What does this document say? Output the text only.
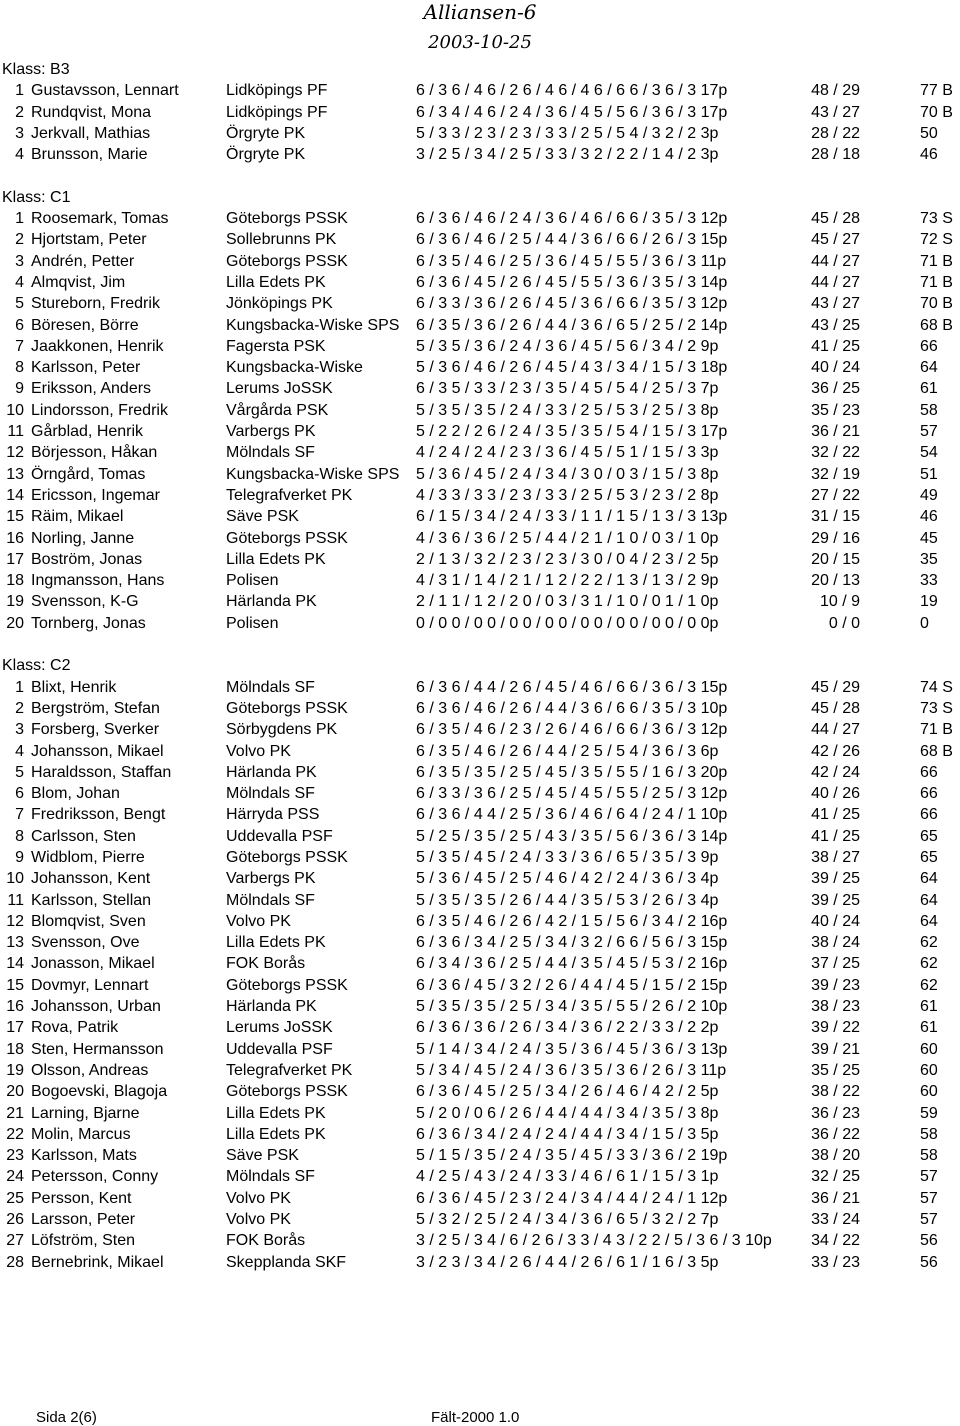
Alliansen-6
2003-10-25
Klass: B3
1 Gustavsson, Lennart	Lidköpings PF	6 / 3 6 / 4 6 / 2 6 / 4 6 / 4 6 / 6 6 / 3 6 / 3 17p	48 / 29	77 B
2 Rundqvist, Mona	Lidköpings PF	6 / 3 4 / 4 6 / 2 4 / 3 6 / 4 5 / 5 6 / 3 6 / 3 17p	43 / 27	70 B
3 Jerkvall, Mathias	Örgryte PK	5 / 3 3 / 2 3 / 2 3 / 3 3 / 2 5 / 5 4 / 3 2 / 2 3p	28 / 22	50
4 Brunsson, Marie	Örgryte PK	3 / 2 5 / 3 4 / 2 5 / 3 3 / 3 2 / 2 2 / 1 4 / 2 3p	28 / 18	46
Klass: C1
1 Roosemark, Tomas	Göteborgs PSSK	6 / 3 6 / 4 6 / 2 4 / 3 6 / 4 6 / 6 6 / 3 5 / 3 12p	45 / 28	73 S
2 Hjortstam, Peter	Sollebrunns PK	6 / 3 6 / 4 6 / 2 5 / 4 4 / 3 6 / 6 6 / 2 6 / 3 15p	45 / 27	72 S
3 Andrén, Petter	Göteborgs PSSK	6 / 3 5 / 4 6 / 2 5 / 3 6 / 4 5 / 5 5 / 3 6 / 3 11p	44 / 27	71 B
4 Almqvist, Jim	Lilla Edets PK	6 / 3 6 / 4 5 / 2 6 / 4 5 / 5 5 / 3 6 / 3 5 / 3 14p	44 / 27	71 B
5 Stureborn, Fredrik	Jönköpings PK	6 / 3 3 / 3 6 / 2 6 / 4 5 / 3 6 / 6 6 / 3 5 / 3 12p	43 / 27	70 B
6 Böresen, Börre	Kungsbacka-Wiske SPS 6 / 3 5 / 3 6 / 2 6 / 4 4 / 3 6 / 6 5 / 2 5 / 2 14p	43 / 25	68 B
7 Jaakkonen, Henrik	Fagersta PSK	5 / 3 5 / 3 6 / 2 4 / 3 6 / 4 5 / 5 6 / 3 4 / 2 9p	41 / 25	66
8 Karlsson, Peter	Kungsbacka-Wiske	5 / 3 6 / 4 6 / 2 6 / 4 5 / 4 3 / 3 4 / 1 5 / 3 18p	40 / 24	64
9 Eriksson, Anders	Lerums JoSSK	6 / 3 5 / 3 3 / 2 3 / 3 5 / 4 5 / 5 4 / 2 5 / 3 7p	36 / 25	61
10 Lindorsson, Fredrik	Vårgårda PSK	5 / 3 5 / 3 5 / 2 4 / 3 3 / 2 5 / 5 3 / 2 5 / 3 8p	35 / 23	58
11 Gårblad, Henrik	Varbergs PK	5 / 2 2 / 2 6 / 2 4 / 3 5 / 3 5 / 5 4 / 1 5 / 3 17p	36 / 21	57
12 Börjesson, Håkan	Mölndals SF	4 / 2 4 / 2 4 / 2 3 / 3 6 / 4 5 / 5 1 / 1 5 / 3 3p	32 / 22	54
13 Örngård, Tomas	Kungsbacka-Wiske SPS 5 / 3 6 / 4 5 / 2 4 / 3 4 / 3 0 / 0 3 / 1 5 / 3 8p	32 / 19	51
14 Ericsson, Ingemar	Telegrafverket PK	4 / 3 3 / 3 3 / 2 3 / 3 3 / 2 5 / 5 3 / 2 3 / 2 8p	27 / 22	49
15 Räim, Mikael	Säve PSK	6 / 1 5 / 3 4 / 2 4 / 3 3 / 1 1 / 1 5 / 1 3 / 3 13p	31 / 15	46
16 Norling, Janne	Göteborgs PSSK	4 / 3 6 / 3 6 / 2 5 / 4 4 / 2 1 / 1 0 / 0 3 / 1 0p	29 / 16	45
17 Boström, Jonas	Lilla Edets PK	2 / 1 3 / 3 2 / 2 3 / 2 3 / 3 0 / 0 4 / 2 3 / 2 5p	20 / 15	35
18 Ingmansson, Hans	Polisen	4 / 3 1 / 1 4 / 2 1 / 1 2 / 2 2 / 1 3 / 1 3 / 2 9p	20 / 13	33
19 Svensson, K-G	Härlanda PK	2 / 1 1 / 1 2 / 2 0 / 0 3 / 3 1 / 1 0 / 0 1 / 1 0p	10 / 9	19
20 Tornberg, Jonas	Polisen	0 / 0 0 / 0 0 / 0 0 / 0 0 / 0 0 / 0 0 / 0 0 / 0 0p	0 / 0	0
Klass: C2
1 Blixt, Henrik	Mölndals SF	6 / 3 6 / 4 4 / 2 6 / 4 5 / 4 6 / 6 6 / 3 6 / 3 15p	45 / 29	74 S
2 Bergström, Stefan	Göteborgs PSSK	6 / 3 6 / 4 6 / 2 6 / 4 4 / 3 6 / 6 6 / 3 5 / 3 10p	45 / 28	73 S
3 Forsberg, Sverker	Sörbygdens PK	6 / 3 5 / 4 6 / 2 3 / 2 6 / 4 6 / 6 6 / 3 6 / 3 12p	44 / 27	71 B
4 Johansson, Mikael	Volvo PK	6 / 3 5 / 4 6 / 2 6 / 4 4 / 2 5 / 5 4 / 3 6 / 3 6p	42 / 26	68 B
5 Haraldsson, Staffan	Härlanda PK	6 / 3 5 / 3 5 / 2 5 / 4 5 / 3 5 / 5 5 / 1 6 / 3 20p	42 / 24	66
6 Blom, Johan	Mölndals SF	6 / 3 3 / 3 6 / 2 5 / 4 5 / 4 5 / 5 5 / 2 5 / 3 12p	40 / 26	66
7 Fredriksson, Bengt	Härryda PSS	6 / 3 6 / 4 4 / 2 5 / 3 6 / 4 6 / 6 4 / 2 4 / 1 10p	41 / 25	66
8 Carlsson, Sten	Uddevalla PSF	5 / 2 5 / 3 5 / 2 5 / 4 3 / 3 5 / 5 6 / 3 6 / 3 14p	41 / 25	65
9 Widblom, Pierre	Göteborgs PSSK	5 / 3 5 / 4 5 / 2 4 / 3 3 / 3 6 / 6 5 / 3 5 / 3 9p	38 / 27	65
10 Johansson, Kent	Varbergs PK	5 / 3 6 / 4 5 / 2 5 / 4 6 / 4 2 / 2 4 / 3 6 / 3 4p	39 / 25	64
11 Karlsson, Stellan	Mölndals SF	5 / 3 5 / 3 5 / 2 6 / 4 4 / 3 5 / 5 3 / 2 6 / 3 4p	39 / 25	64
12 Blomqvist, Sven	Volvo PK	6 / 3 5 / 4 6 / 2 6 / 4 2 / 1 5 / 5 6 / 3 4 / 2 16p	40 / 24	64
13 Svensson, Ove	Lilla Edets PK	6 / 3 6 / 3 4 / 2 5 / 3 4 / 3 2 / 6 6 / 5 6 / 3 15p	38 / 24	62
14 Jonasson, Mikael	FOK Borås	6 / 3 4 / 3 6 / 2 5 / 4 4 / 3 5 / 4 5 / 5 3 / 2 16p	37 / 25	62
15 Dovmyr, Lennart	Göteborgs PSSK	6 / 3 6 / 4 5 / 3 2 / 2 6 / 4 4 / 4 5 / 1 5 / 2 15p	39 / 23	62
16 Johansson, Urban	Härlanda PK	5 / 3 5 / 3 5 / 2 5 / 3 4 / 3 5 / 5 5 / 2 6 / 2 10p	38 / 23	61
17 Rova, Patrik	Lerums JoSSK	6 / 3 6 / 3 6 / 2 6 / 3 4 / 3 6 / 2 2 / 3 3 / 2 2p	39 / 22	61
18 Sten, Hermansson	Uddevalla PSF	5 / 1 4 / 3 4 / 2 4 / 3 5 / 3 6 / 4 5 / 3 6 / 3 13p	39 / 21	60
19 Olsson, Andreas	Telegrafverket PK	5 / 3 4 / 4 5 / 2 4 / 3 6 / 3 5 / 3 6 / 2 6 / 3 11p	35 / 25	60
20 Bogoevski, Blagoja	Göteborgs PSSK	6 / 3 6 / 4 5 / 2 5 / 3 4 / 2 6 / 4 6 / 4 2 / 2 5p	38 / 22	60
21 Larning, Bjarne	Lilla Edets PK	5 / 2 0 / 0 6 / 2 6 / 4 4 / 4 4 / 3 4 / 3 5 / 3 8p	36 / 23	59
22 Molin, Marcus	Lilla Edets PK	6 / 3 6 / 3 4 / 2 4 / 2 4 / 4 4 / 3 4 / 1 5 / 3 5p	36 / 22	58
23 Karlsson, Mats	Säve PSK	5 / 1 5 / 3 5 / 2 4 / 3 5 / 4 5 / 3 3 / 3 6 / 2 19p	38 / 20	58
24 Petersson, Conny	Mölndals SF	4 / 2 5 / 4 3 / 2 4 / 3 3 / 4 6 / 6 1 / 1 5 / 3 1p	32 / 25	57
25 Persson, Kent	Volvo PK	6 / 3 6 / 4 5 / 2 3 / 2 4 / 3 4 / 4 4 / 2 4 / 1 12p	36 / 21	57
26 Larsson, Peter	Volvo PK	5 / 3 2 / 2 5 / 2 4 / 3 4 / 3 6 / 6 5 / 3 2 / 2 7p	33 / 24	57
27 Löfström, Sten	FOK Borås	3 / 2 5 / 3 4 / 6 / 2 6 / 3 3 / 4 3 / 2 2 / 5 / 3 6 / 3 10p	34 / 22	56
28 Bernebrink, Mikael	Skepplanda SKF	3 / 2 3 / 3 4 / 2 6 / 4 4 / 2 6 / 6 1 / 1 6 / 3 5p	33 / 23	56
Sida 2(6)	Fält-2000 1.0
